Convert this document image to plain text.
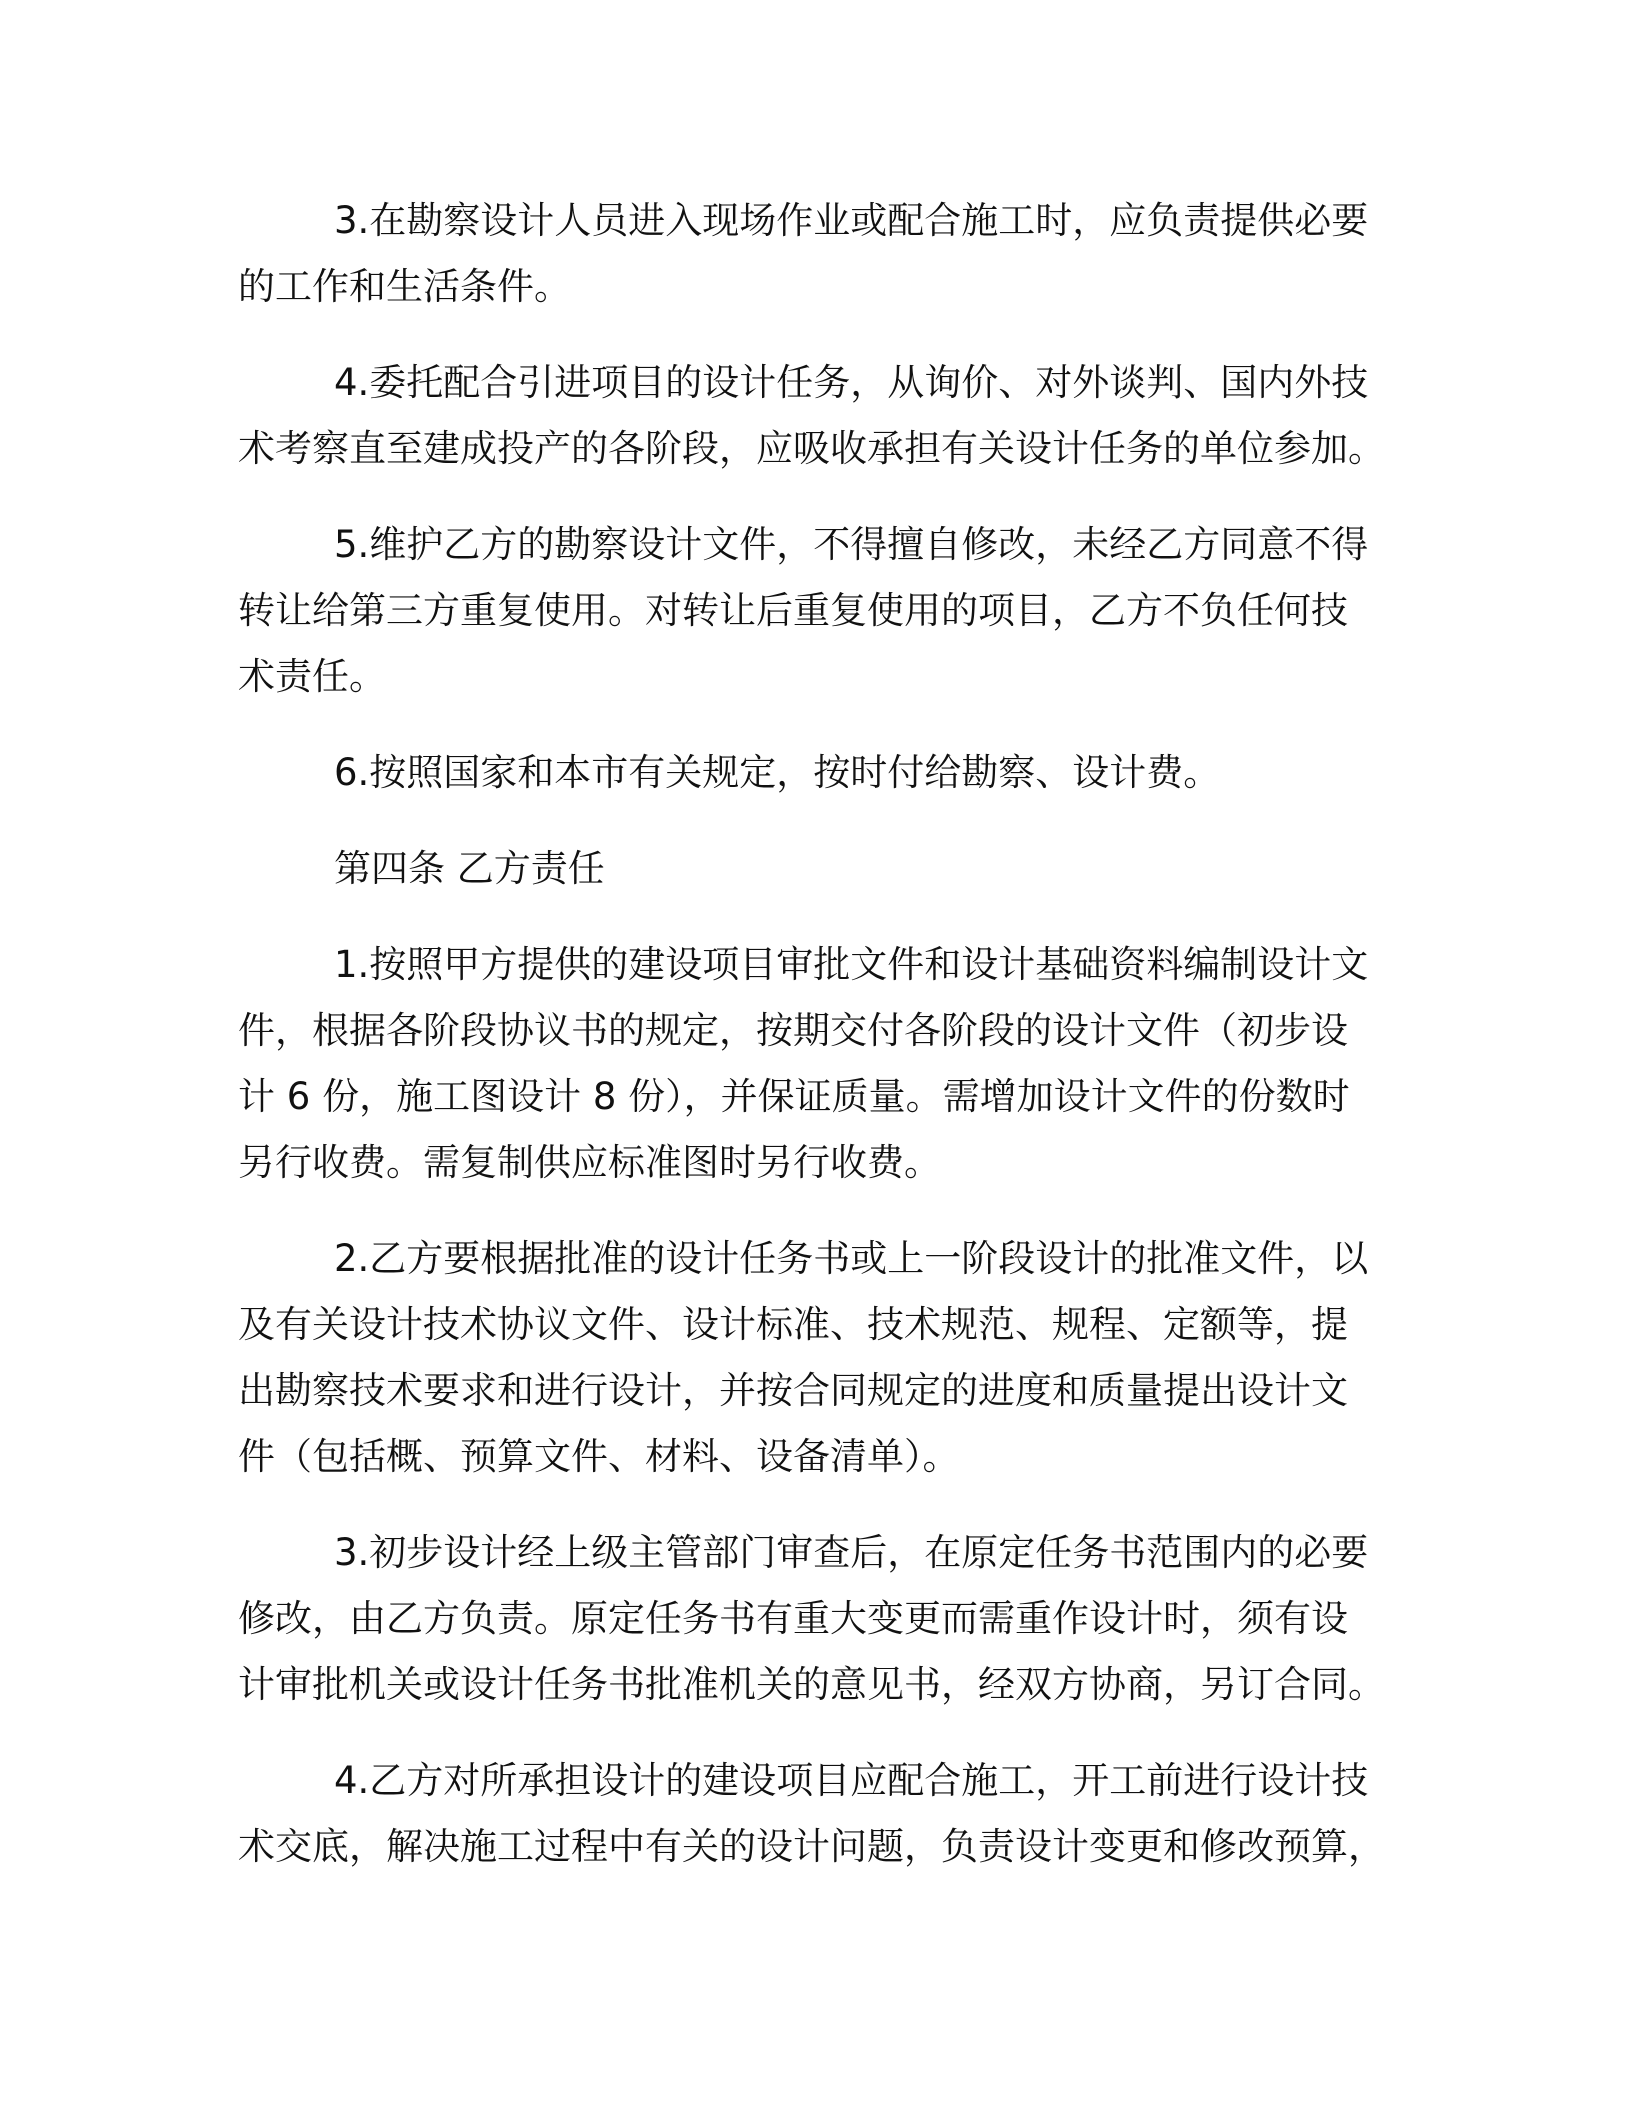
3.在勘察设计人员进入现场作业或配合施工时，应负责提供必要
的工作和生活条件。
4.委托配合引进项目的设计任务，从询价、对外谈判、国内外技
术考察直至建成投产的各阶段，应吸收承担有关设计任务的单位参加。
5.维护乙方的勘察设计文件，不得擅自修改，未经乙方同意不得
转让给第三方重复使用。对转让后重复使用的项目，乙方不负任何技
术责任。
6.按照国家和本市有关规定，按时付给勘察、设计费。
第四条 乙方责任
1.按照甲方提供的建设项目审批文件和设计基础资料编制设计文
件，根据各阶段协议书的规定，按期交付各阶段的设计文件（初步设
计 6 份，施工图设计 8 份），并保证质量。需增加设计文件的份数时
另行收费。需复制供应标准图时另行收费。
2.乙方要根据批准的设计任务书或上一阶段设计的批准文件，以
及有关设计技术协议文件、设计标准、技术规范、规程、定额等，提
出勘察技术要求和进行设计，并按合同规定的进度和质量提出设计文
件（包括概、预算文件、材料、设备清单）。
3.初步设计经上级主管部门审查后，在原定任务书范围内的必要
修改，由乙方负责。原定任务书有重大变更而需重作设计时，须有设
计审批机关或设计任务书批准机关的意见书，经双方协商，另订合同。
4.乙方对所承担设计的建设项目应配合施工，开工前进行设计技
术交底，解决施工过程中有关的设计问题，负责设计变更和修改预算，
